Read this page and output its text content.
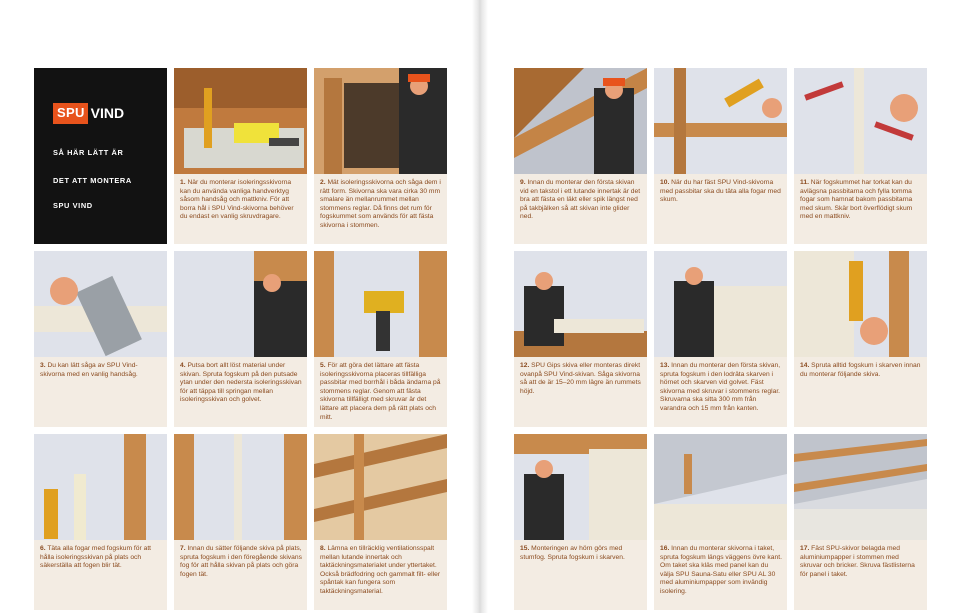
SPU VIND
SÅ HÄR LÄTT ÄR
DET ATT MONTERA
SPU VIND
1. När du monterar isoleringsskivorna kan du använda vanliga handverktyg såsom handsåg och mattkniv. För att borra hål i SPU Vind-skivorna behöver du endast en vanlig skruvdragare.
2. Mät isoleringsskivorna och såga dem i rätt form. Skivorna ska vara cirka 30 mm smalare än mellanrummet mellan stommens reglar. Då finns det rum för fogskummet som används för att fästa skivorna i stommen.
9. Innan du monterar den första skivan vid en takstol i ett lutande innertak är det bra att fästa en läkt eller spik längst ned på takbjälken så att skivan inte glider ned.
10. När du har fäst SPU Vind-skivorna med passbitar ska du täta alla fogar med skum.
11. När fogskummet har torkat kan du avlägsna passbitarna och fylla tomma fogar som hamnat bakom passbitarna med skum. Skär bort överflödigt skum med en mattkniv.
3. Du kan lätt såga av SPU Vind-skivorna med en vanlig handsåg.
4. Putsa bort allt löst material under skivan. Spruta fogskum på den putsade ytan under den nedersta isoleringsskivan för att täppa till springan mellan isoleringsskivan och golvet.
5. För att göra det lättare att fästa isoleringsskivorna placeras tillfälliga passbitar med borrhål i båda ändarna på stommens reglar. Genom att fästa skivorna tillfälligt med skruvar är det lättare att placera dem på rätt plats och mitt.
12. SPU Gips skiva eller monteras direkt ovanpå SPU Vind-skivan. Såga skivorna så att de är 15–20 mm lägre än rummets höjd.
13. Innan du monterar den första skivan, spruta fogskum i den lodräta skarven i hörnet och skarven vid golvet. Fäst skivorna med skruvar i stommens reglar. Skruvarna ska sitta 300 mm från varandra och 15 mm från kanten.
14. Spruta alltid fogskum i skarven innan du monterar följande skiva.
6. Täta alla fogar med fogskum för att hålla isoleringsskivan på plats och säkerställa att fogen blir tät.
7. Innan du sätter följande skiva på plats, spruta fogskum i den föregående skivans fog för att hålla skivan på plats och göra fogen tät.
8. Lämna en tillräcklig ventilationsspalt mellan lutande innertak och taktäckningsmaterialet under yttertaket. Också brädfodring och gammalt filt- eller spåntak kan fungera som taktäckningsmaterial.
15. Monteringen av hörn görs med stumfog. Spruta fogskum i skarven.
16. Innan du monterar skivorna i taket, spruta fogskum längs väggens övre kant. Om taket ska kläs med panel kan du välja SPU Sauna-Satu eller SPU AL 30 med aluminiumpapper som invändig isolering.
17. Fäst SPU-skivor belagda med aluminiumpapper i stommen med skruvar och bricker. Skruva fästlisterna för panel i taket.
